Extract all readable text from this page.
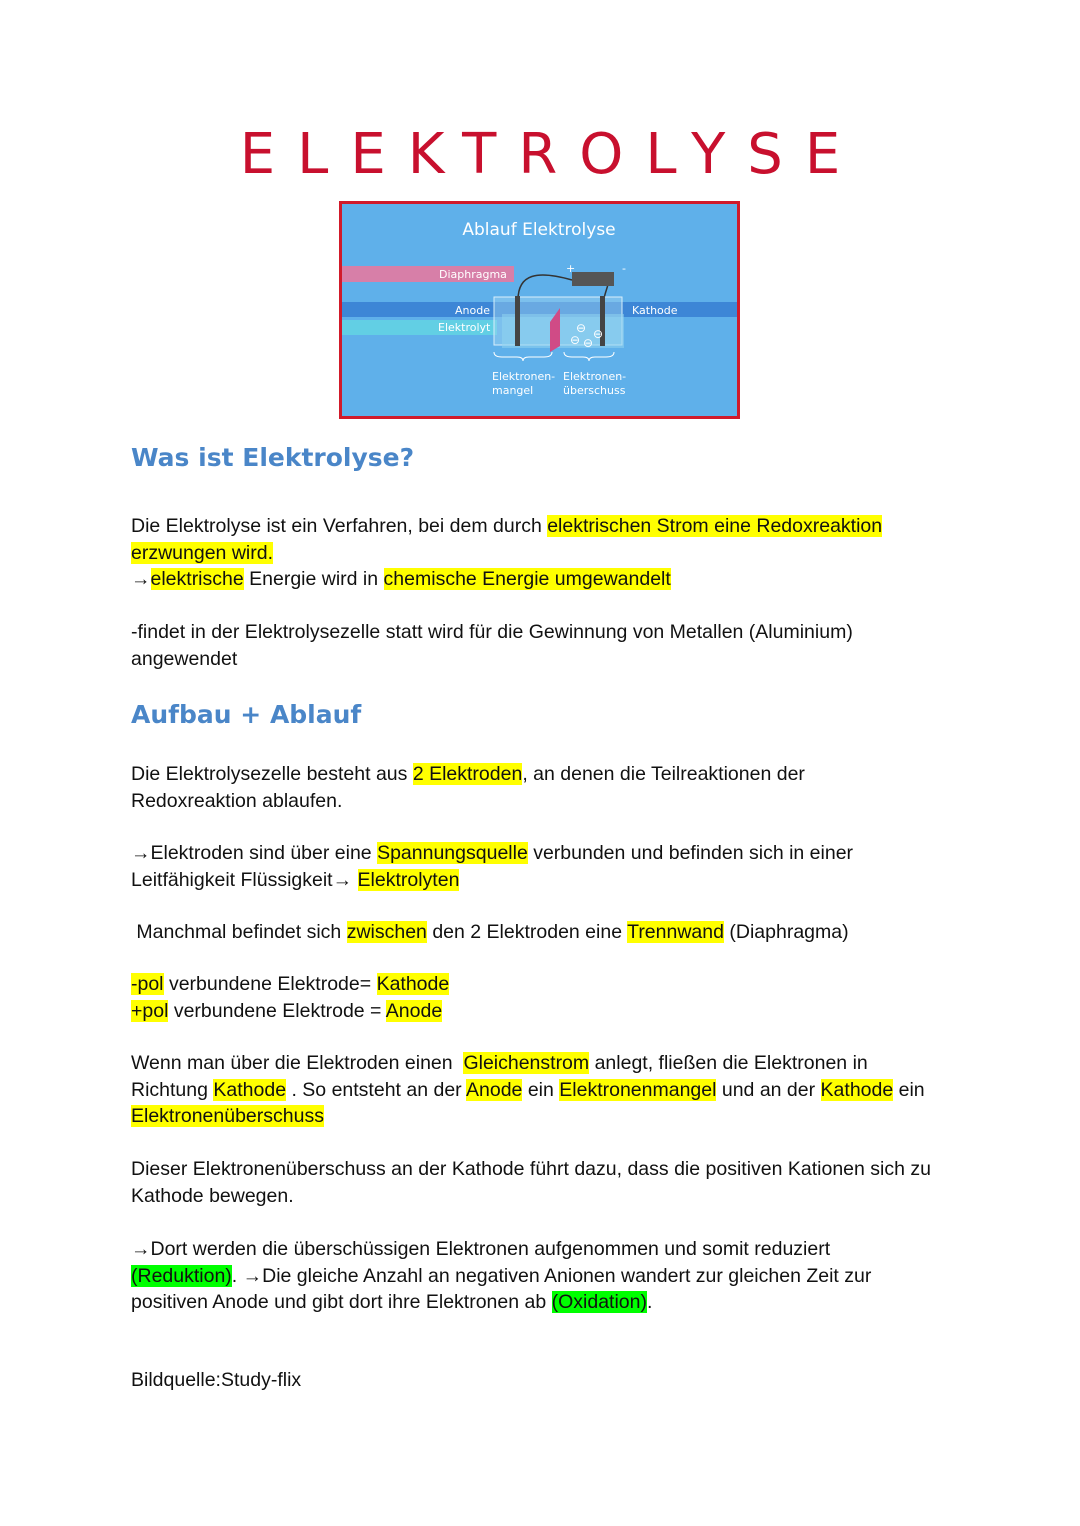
ELEKTROLYSE
Ablauf Elektrolyse
Diaphragma
Anode	Kathode
Elektrolyt
+	-
⊖ ⊖
⊖ ⊖
Elektronen-
mangel
Elektronen-
überschuss
Was ist Elektrolyse?

Die Elektrolyse ist ein Verfahren, bei dem durch elektrischen Strom eine Redoxreaktion
erzwungen wird.
→elektrische Energie wird in chemische Energie umgewandelt

-findet in der Elektrolysezelle statt wird für die Gewinnung von Metallen (Aluminium)
angewendet

Aufbau + Ablauf

Die Elektrolysezelle besteht aus 2 Elektroden, an denen die Teilreaktionen der
Redoxreaktion ablaufen.

→Elektroden sind über eine Spannungsquelle verbunden und befinden sich in einer
Leitfähigkeit Flüssigkeit→ Elektrolyten

Manchmal befindet sich zwischen den 2 Elektroden eine Trennwand (Diaphragma)

-pol verbundene Elektrode= Kathode
+pol verbundene Elektrode = Anode

Wenn man über die Elektroden einen  Gleichenstrom anlegt, fließen die Elektronen in
Richtung Kathode . So entsteht an der Anode ein Elektronenmangel und an der Kathode ein
Elektronenüberschuss

Dieser Elektronenüberschuss an der Kathode führt dazu, dass die positiven Kationen sich zu
Kathode bewegen.

→Dort werden die überschüssigen Elektronen aufgenommen und somit reduziert
(Reduktion). →Die gleiche Anzahl an negativen Anionen wandert zur gleichen Zeit zur
positiven Anode und gibt dort ihre Elektronen ab (Oxidation).

Bildquelle:Study-flix
